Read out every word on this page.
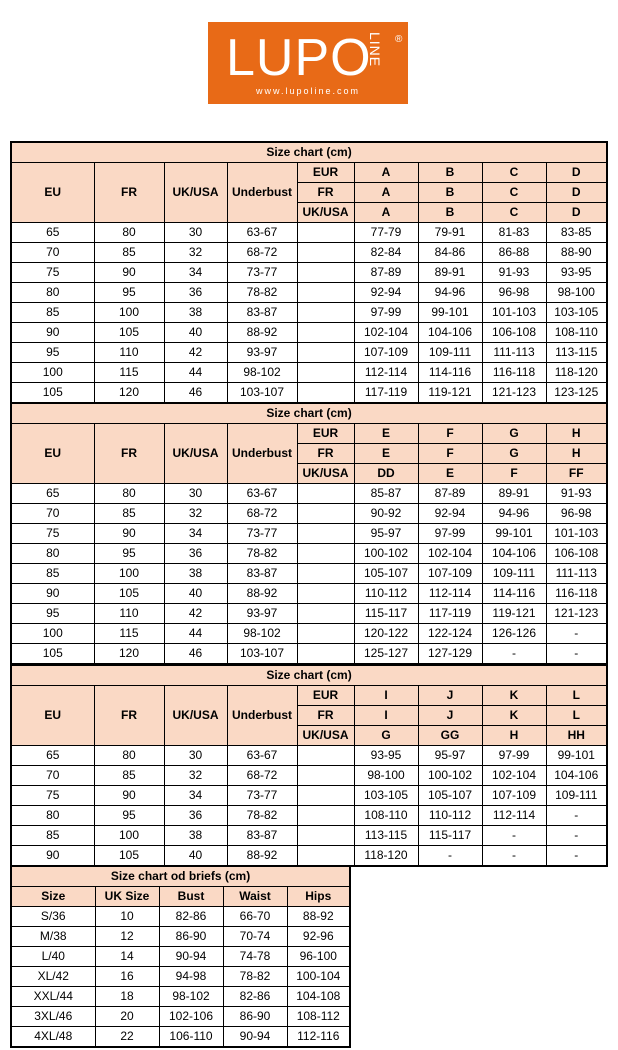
LUPO
LINE ®
www.lupoline.com
Size chart (cm)								
EU	FR	UK/USA	Underbust	EUR	A	B	C	D
				FR	A	B	C	D
				UK/USA	A	B	C	D
65	80	30	63-67		77-79	79-91	81-83	83-85
70	85	32	68-72		82-84	84-86	86-88	88-90
75	90	34	73-77		87-89	89-91	91-93	93-95
80	95	36	78-82		92-94	94-96	96-98	98-100
85	100	38	83-87		97-99	99-101	101-103	103-105
90	105	40	88-92		102-104	104-106	106-108	108-110
95	110	42	93-97		107-109	109-111	111-113	113-115
100	115	44	98-102		112-114	114-116	116-118	118-120
105	120	46	103-107		117-119	119-121	121-123	123-125
Size chart (cm)								
EU	FR	UK/USA	Underbust	EUR	E	F	G	H
				FR	E	F	G	H
				UK/USA	DD	E	F	FF
65	80	30	63-67		85-87	87-89	89-91	91-93
70	85	32	68-72		90-92	92-94	94-96	96-98
75	90	34	73-77		95-97	97-99	99-101	101-103
80	95	36	78-82		100-102	102-104	104-106	106-108
85	100	38	83-87		105-107	107-109	109-111	111-113
90	105	40	88-92		110-112	112-114	114-116	116-118
95	110	42	93-97		115-117	117-119	119-121	121-123
100	115	44	98-102		120-122	122-124	126-126	-
105	120	46	103-107		125-127	127-129	-	-
Size chart (cm)								
EU	FR	UK/USA	Underbust	EUR	I	J	K	L
				FR	I	J	K	L
				UK/USA	G	GG	H	HH
65	80	30	63-67		93-95	95-97	97-99	99-101
70	85	32	68-72		98-100	100-102	102-104	104-106
75	90	34	73-77		103-105	105-107	107-109	109-111
80	95	36	78-82		108-110	110-112	112-114	-
85	100	38	83-87		113-115	115-117	-	-
90	105	40	88-92		118-120	-	-	-
Size chart od briefs (cm)				
Size	UK Size	Bust	Waist	Hips
S/36	10	82-86	66-70	88-92
M/38	12	86-90	70-74	92-96
L/40	14	90-94	74-78	96-100
XL/42	16	94-98	78-82	100-104
XXL/44	18	98-102	82-86	104-108
3XL/46	20	102-106	86-90	108-112
4XL/48	22	106-110	90-94	112-116
